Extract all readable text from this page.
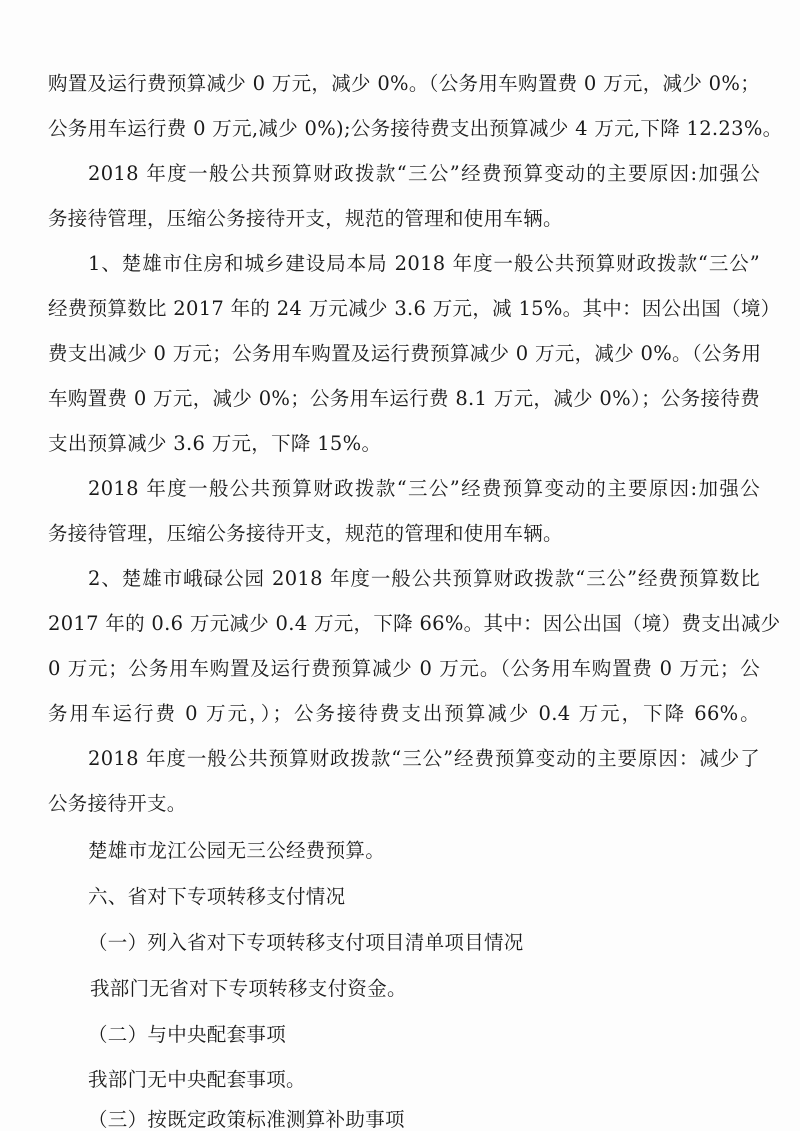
购置及运行费预算减少 0 万元，减少 0%。（公务用车购置费 0 万元，减少 0%；
公务用车运行费 0 万元,减少 0%);公务接待费支出预算减少 4 万元,下降 12.23%。
2018 年度一般公共预算财政拨款“三公”经费预算变动的主要原因:加强公
务接待管理，压缩公务接待开支，规范的管理和使用车辆。
1、楚雄市住房和城乡建设局本局 2018 年度一般公共预算财政拨款“三公”
经费预算数比 2017 年的 24 万元减少 3.6 万元，减 15%。其中：因公出国（境）
费支出减少 0 万元；公务用车购置及运行费预算减少 0 万元，减少 0%。（公务用
车购置费 0 万元，减少 0%；公务用车运行费 8.1 万元，减少 0%）；公务接待费
支出预算减少 3.6 万元，下降 15%。
2018 年度一般公共预算财政拨款“三公”经费预算变动的主要原因:加强公
务接待管理，压缩公务接待开支，规范的管理和使用车辆。
2、楚雄市峨碌公园 2018 年度一般公共预算财政拨款“三公”经费预算数比
2017 年的 0.6 万元减少 0.4 万元，下降 66%。其中：因公出国（境）费支出减少
0 万元；公务用车购置及运行费预算减少 0 万元。（公务用车购置费 0 万元；公
务用车运行费 0 万元，）；公务接待费支出预算减少 0.4 万元，下降 66%。
2018 年度一般公共预算财政拨款“三公”经费预算变动的主要原因：减少了
公务接待开支。
楚雄市龙江公园无三公经费预算。
六、省对下专项转移支付情况
（一）列入省对下专项转移支付项目清单项目情况
我部门无省对下专项转移支付资金。
（二）与中央配套事项
我部门无中央配套事项。
（三）按既定政策标准测算补助事项
